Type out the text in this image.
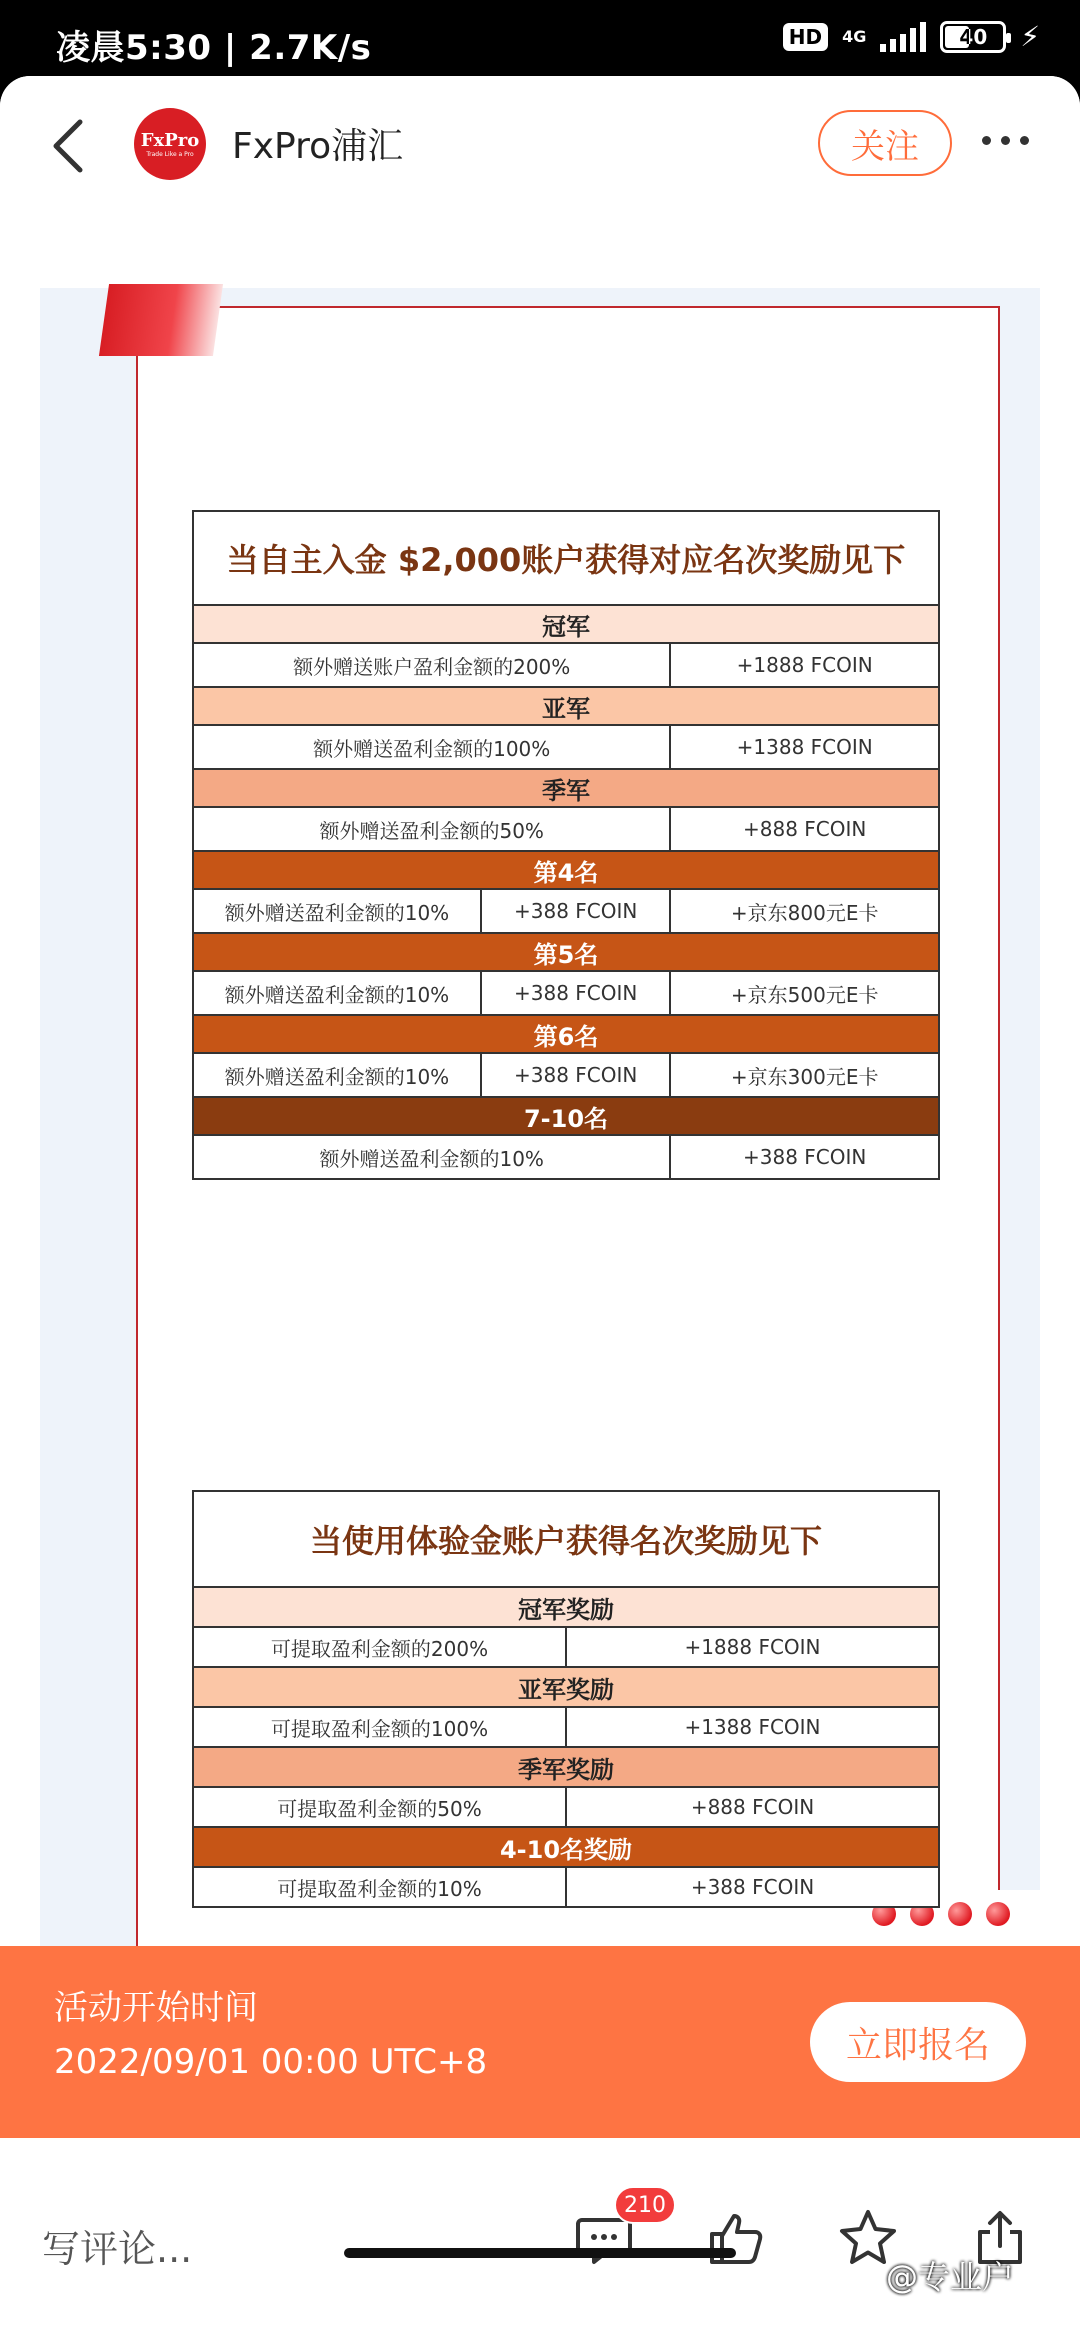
凌晨5:30 | 2.7K/s	HD	4G	40 ⚡
FxPro
Trade Like a Pro FxPro浦汇	关注
当自主入金 $2,000账户获得对应名次奖励见下		
冠军		
额外赠送账户盈利金额的200%		+1888 FCOIN
亚军		
额外赠送盈利金额的100%		+1388 FCOIN
季军		
额外赠送盈利金额的50%		+888 FCOIN
第4名		
额外赠送盈利金额的10%	+388 FCOIN	+京东800元E卡
第5名		
额外赠送盈利金额的10%	+388 FCOIN	+京东500元E卡
第6名		
额外赠送盈利金额的10%	+388 FCOIN	+京东300元E卡
7-10名		
额外赠送盈利金额的10%		+388 FCOIN
当使用体验金账户获得名次奖励见下	
冠军奖励	
可提取盈利金额的200%	+1888 FCOIN
亚军奖励	
可提取盈利金额的100%	+1388 FCOIN
季军奖励	
可提取盈利金额的50%	+888 FCOIN
4-10名奖励	
可提取盈利金额的10%	+388 FCOIN
活动开始时间
2022/09/01 00:00 UTC+8	立即报名
写评论...
210
@专业户
